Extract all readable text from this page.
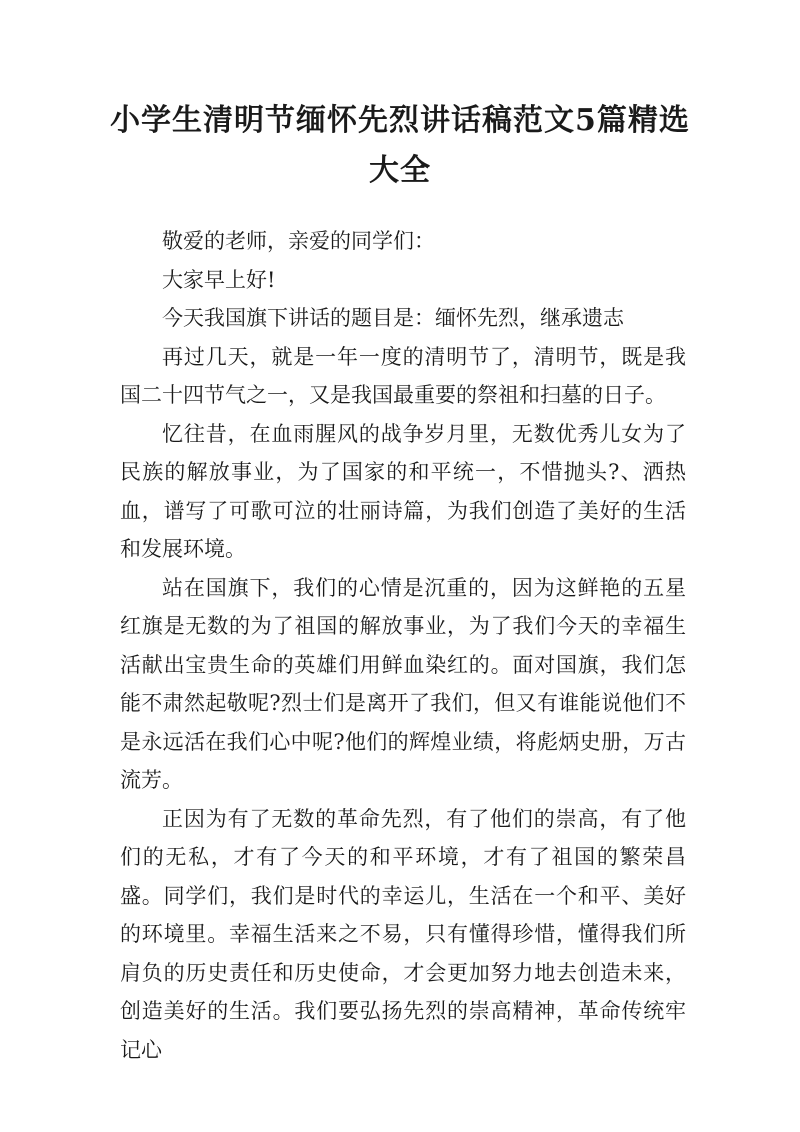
小学生清明节缅怀先烈讲话稿范文5篇精选大全

敬爱的老师，亲爱的同学们：

大家早上好!

今天我国旗下讲话的题目是：缅怀先烈，继承遗志

再过几天，就是一年一度的清明节了，清明节，既是我国二十四节气之一，又是我国最重要的祭祖和扫墓的日子。

忆往昔，在血雨腥风的战争岁月里，无数优秀儿女为了民族的解放事业，为了国家的和平统一，不惜抛头?、洒热血，谱写了可歌可泣的壮丽诗篇，为我们创造了美好的生活和发展环境。

站在国旗下，我们的心情是沉重的，因为这鲜艳的五星红旗是无数的为了祖国的解放事业，为了我们今天的幸福生活献出宝贵生命的英雄们用鲜血染红的。面对国旗，我们怎能不肃然起敬呢?烈士们是离开了我们，但又有谁能说他们不是永远活在我们心中呢?他们的辉煌业绩，将彪炳史册，万古流芳。

正因为有了无数的革命先烈，有了他们的崇高，有了他们的无私，才有了今天的和平环境，才有了祖国的繁荣昌盛。同学们，我们是时代的幸运儿，生活在一个和平、美好的环境里。幸福生活来之不易，只有懂得珍惜，懂得我们所肩负的历史责任和历史使命，才会更加努力地去创造未来，创造美好的生活。我们要弘扬先烈的崇高精神，革命传统牢记心
